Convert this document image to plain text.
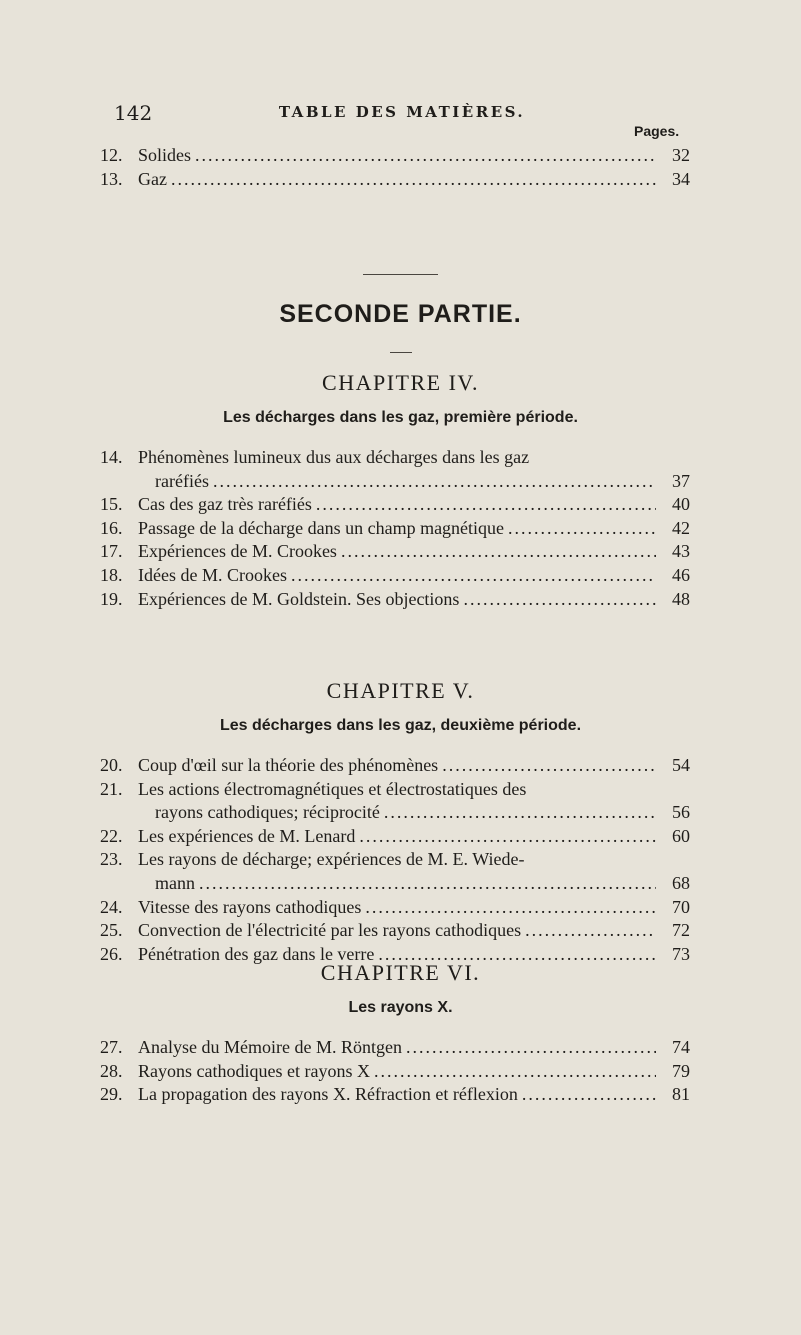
142	TABLE DES MATIÈRES.
Pages.
12. Solides .....	32
13. Gaz .....	34
SECONDE PARTIE.
CHAPITRE IV.
Les décharges dans les gaz, première période.
14. Phénomènes lumineux dus aux décharges dans les gaz
raréfiés .....	37
15. Cas des gaz très raréfiés .....	40
16. Passage de la décharge dans un champ magnétique .....	42
17. Expériences de M. Crookes .....	43
18. Idées de M. Crookes .....	46
19. Expériences de M. Goldstein. Ses objections .....	48
CHAPITRE V.
Les décharges dans les gaz, deuxième période.
20. Coup d'œil sur la théorie des phénomènes .....	54
21. Les actions électromagnétiques et électrostatiques des
rayons cathodiques; réciprocité .....	56
22. Les expériences de M. Lenard .....	60
23. Les rayons de décharge; expériences de M. E. Wiede-
mann .....	68
24. Vitesse des rayons cathodiques .....	70
25. Convection de l'électricité par les rayons cathodiques .....	72
26. Pénétration des gaz dans le verre .....	73
CHAPITRE VI.
Les rayons X.
27. Analyse du Mémoire de M. Röntgen .....	74
28. Rayons cathodiques et rayons X .....	79
29. La propagation des rayons X. Réfraction et réflexion .....	81
